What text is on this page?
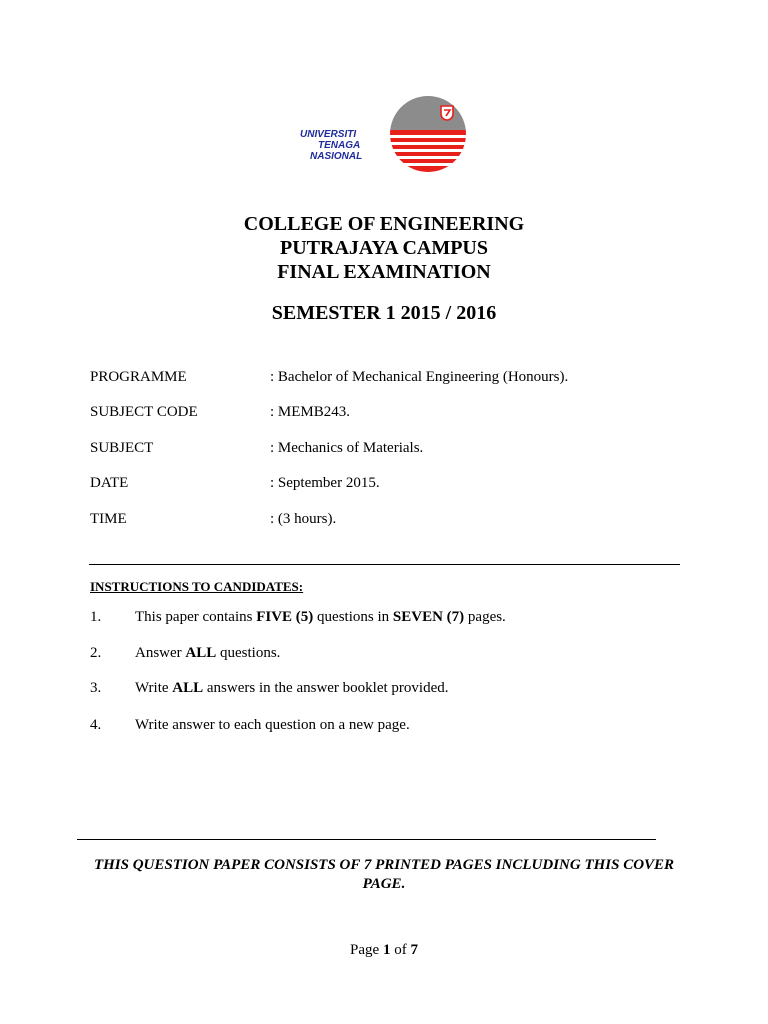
UNIVERSITI
TENAGA
NASIONAL
COLLEGE OF ENGINEERING
PUTRAJAYA CAMPUS
FINAL EXAMINATION
SEMESTER 1 2015 / 2016
PROGRAMME	: Bachelor of Mechanical Engineering (Honours).
SUBJECT CODE	: MEMB243.
SUBJECT	: Mechanics of Materials.
DATE	: September 2015.
TIME	: (3 hours).
INSTRUCTIONS TO CANDIDATES:
1. This paper contains FIVE (5) questions in SEVEN (7) pages.
2. Answer ALL questions.
3. Write ALL answers in the answer booklet provided.
4. Write answer to each question on a new page.
THIS QUESTION PAPER CONSISTS OF 7 PRINTED PAGES INCLUDING THIS COVER PAGE.
Page 1 of 7
